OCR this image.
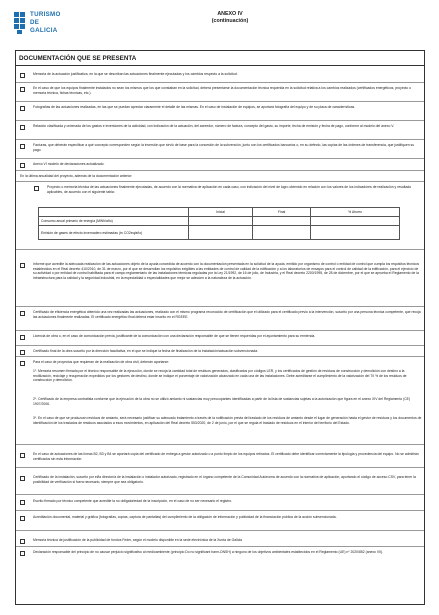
TURISMO
DE
GALICIA
ANEXO IV
(continuación)
DOCUMENTACIÓN QUE SE PRESENTA
Memoria de la actuación justificativa, en la que se describan las actuaciones finalmente ejecutadas y los cambios respecto a la solicitud.
En el caso de que los equipos finalmente instalados no sean los mismos que los que constaban en la solicitud, deberá presentarse la documentación técnica requerida en la solicitud relativa a los cambios realizados (certificados energéticos, proyecto o memoria técnica, fichas técnicas, etc.).
Fotografías de las actuaciones realizadas, en las que se puedan apreciar claramente el detalle de las mismas. En el caso de instalación de equipos, se aportará fotografía del equipo y de su placa de características.
Relación clasificada y ordenada de los gastos e inversiones de la actividad, con indicación de la actuación, del acreedor, número de factura, concepto del gasto, su importe, fecha de emisión y fecha de pago, conforme al modelo del anexo V.
Facturas, que deberán especificar a qué concepto corresponden según la inversión que sirvió de base para la concesión de la subvención, junto con los certificados bancarios o, en su defecto, las copias de las órdenes de transferencia, que justifiquen su pago.
Anexo VI modelo de declaraciones actualizado.
En la última anualidad del proyecto, además de la documentación anterior:
Proyecto o memoria técnica de las actuaciones finalmente ejecutadas, de acuerdo con la normativa de aplicación en cada caso, con indicación del nivel de logro obtenido en relación con los valores de los indicadores de realización y resultado aplicables, de acuerdo con el siguiente tabla:
	Inicial	Final	% Ahorro
Consumo anual primario de energía (MWh/año)			
Emisión de gases de efecto invernadero estimadas (tn CO2eq/año)			
Informe que acredite la adecuada realización de las actuaciones objeto de la ayuda concedida de acuerdo con la documentación presentada en la solicitud de la ayuda, emitido por organismo de control o entidad de control que cumpla los requisitos técnicos establecidos en el Real decreto 410/2010, de 31 de marzo, por el que se desarrollan los requisitos exigibles a las entidades de control de calidad de la edificación y a los laboratorios de ensayos para el control de calidad de la edificación, para el ejercicio de su actividad o por entidad de control habilitada para el campo reglamentario de las instalaciones térmicas reguladas por la Ley 21/1992, de 16 de julio, de Industria, y el Real decreto 2200/1995, de 28 de diciembre, por el que se aprueba el Reglamento de la infraestructura para la calidad y la seguridad industrial, en la especialidad o especialidades que mejor se adecúen a la naturaleza de la actuación.
Certificado de eficiencia energética obtenido una vez realizadas las actuaciones, realizado con el mismo programa reconocido de certificación que el utilizado para el certificado previo a la intervención, suscrito por una persona técnica competente, que recoja las actuaciones finalmente realizadas. El certificado energético final deberá estar inscrito en el RGEEE.
Licencia de obra o, en el caso de comunicación previa, justificante de la comunicación con una declaración responsable de que se tienen requeridas por el ayuntamiento para su ermienda.
Certificado final de la obra suscrito por la dirección facultativa, en el que se indique la fecha de finalización de la instalación/actuación subvencionada.
Para el caso de proyectos que requieran de la realización de obra civil, deberán aportarse:
1º. Memoria resumen firmada por el técnico responsable de la ejecución, donde se recoja la cantidad total de residuos generados, clasificados por códigos LER, y los certificados de gestión de residuos de construcción y demolición con destino a la reutilización, reciclaje y recuperación expedidos por los gestores de destino, donde se indique el porcentaje de valorización alcanzado en cada una de las instalaciones. Debe acreditarse el cumplimiento de la valorización del 70 % de los residuos de construcción y demolición.
2º. Certificado de la empresa contratista conforme que la ejecución de la obra no se utilizó amianto ni sustancias muy preocupantes identificadas a partir de la lista de sustancias sujetas a la autorización que figura en el anexo XIV del Reglamento (CE) 1907/2006.
3º. En el caso de que se produzcan residuos de amianto, será necesario justificar su adecuado tratamiento a través de la notificación previa del traslado de los residuos de amianto desde el lugar de generación hasta el gestor de residuos y los documentos de identificación de los traslados de residuos asociados a esos movimientos, en aplicación del Real decreto 553/2020, de 2 de junio, por el que se regula el traslado de residuos en el interior del territorio del Estado.
En el caso de actuaciones de las líneas B2, B3 y B4 se aportará copia del certificado de entrega a gestor autorizado o a punto limpio de los equipos retirados. El certificado debe identificar correctamente la tipología y procedencia del equipo. No se admitirán certificados sin esta información.
Certificado de la instalación, suscrito por el/la director/a de la instalación o instalador autorizado, registrado en el órgano competente de la Comunidad Autónoma de acuerdo con la normativa de aplicación, aportando el código de acceso CSV, para tener la posibilidad de verificación si fuera necesario, siempre que sea obligatorio.
Escrito firmado por técnico competente que acredite la no obligatoriedad de la inscripción, en el caso de no ser necesario el registro.
Acreditación documental, material y gráfica (fotografías, copias, captura de pantallas) del cumplimiento de la obligación de información y publicidad de la financiación pública de la acción subvencionada.
Memoria técnica de justificación de la publicidad de fondos Feder, según el modelo disponible en la sede electrónica de la Xunta de Galicia
Declaración responsable del principio de no causar perjuicio significativo al medioambiente (principio Do no significant harm-DNSH) a ninguno de los objetivos ambientales establecidos en el Reglamento (UE) nº 2020/852 (anexo VII).
